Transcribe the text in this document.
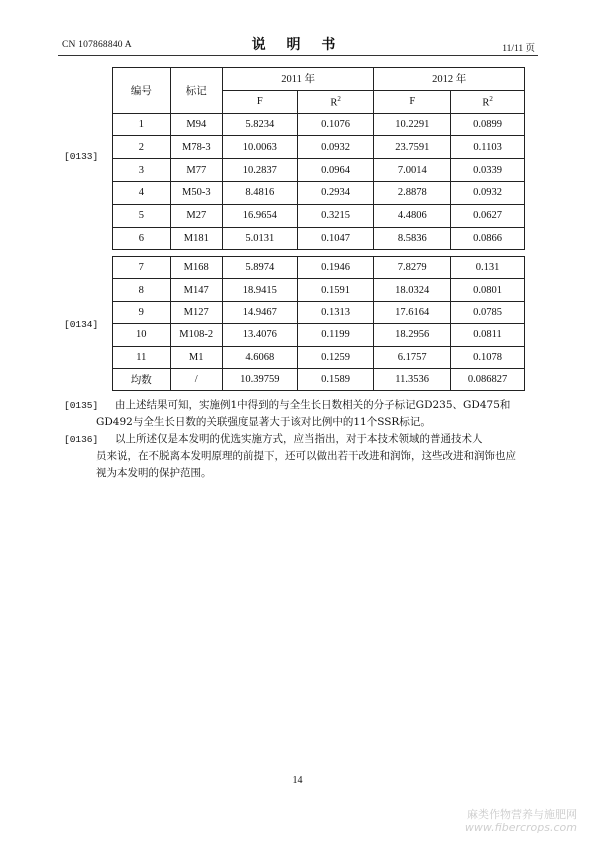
CN 107868840 A	说 明 书	11/11 页
[0133]
[0134]
编号	标记	2011 年		2012 年	
		F	$R^2$	F	$R^2$
1	M94	5.8234	0.1076	10.2291	0.0899
2	M78-3	10.0063	0.0932	23.7591	0.1103
3	M77	10.2837	0.0964	7.0014	0.0339
4	M50-3	8.4816	0.2934	2.8878	0.0932
5	M27	16.9654	0.3215	4.4806	0.0627
6	M181	5.0131	0.1047	8.5836	0.0866
7	M168	5.8974	0.1946	7.8279	0.131
8	M147	18.9415	0.1591	18.0324	0.0801
9	M127	14.9467	0.1313	17.6164	0.0785
10	M108-2	13.4076	0.1199	18.2956	0.0811
11	M1	4.6068	0.1259	6.1757	0.1078
均数	/	10.39759	0.1589	11.3536	0.086827
[0135] 由上述结果可知，实施例1中得到的与全生长日数相关的分子标记GD235、GD475和
GD492与全生长日数的关联强度显著大于该对比例中的11个SSR标记。
[0136] 以上所述仅是本发明的优选实施方式，应当指出，对于本技术领域的普通技术人
员来说，在不脱离本发明原理的前提下，还可以做出若干改进和润饰，这些改进和润饰也应
视为本发明的保护范围。
14
麻类作物营养与施肥网
www.fibercrops.com
